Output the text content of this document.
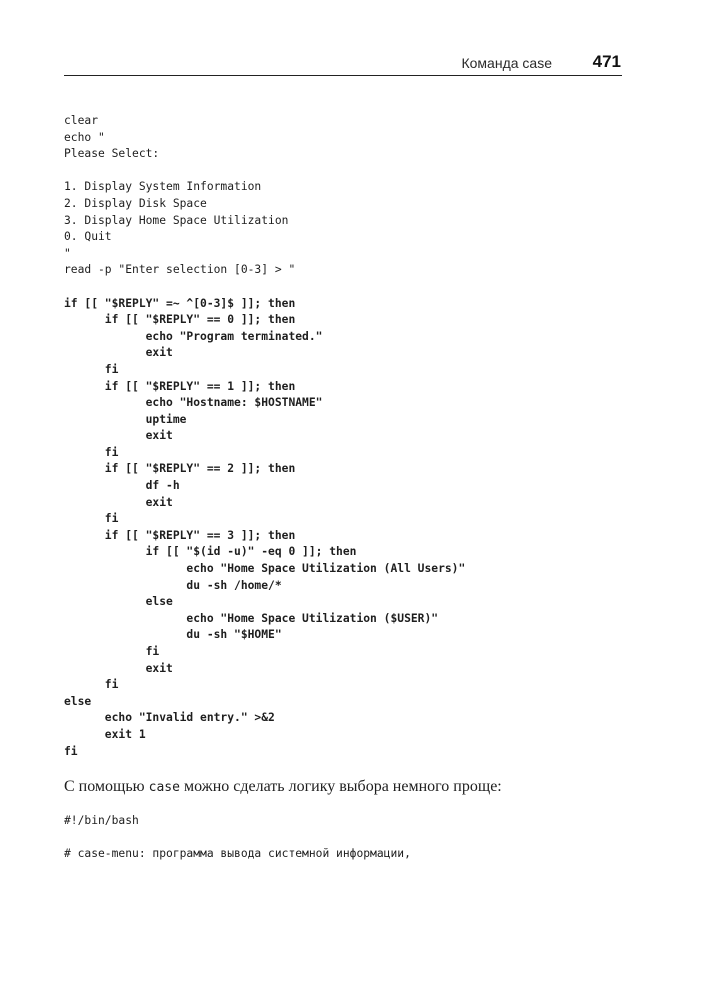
Команда case 471
clear
echo "
Please Select:
1. Display System Information
2. Display Disk Space
3. Display Home Space Utilization
0. Quit
"
read -p "Enter selection [0-3] > "
if [[ "$REPLY" =~ ^[0-3]$ ]]; then
if [[ "$REPLY" == 0 ]]; then
echo "Program terminated."
exit
fi
if [[ "$REPLY" == 1 ]]; then
echo "Hostname: $HOSTNAME"
uptime
exit
fi
if [[ "$REPLY" == 2 ]]; then
df -h
exit
fi
if [[ "$REPLY" == 3 ]]; then
if [[ "$(id -u)" -eq 0 ]]; then
echo "Home Space Utilization (All Users)"
du -sh /home/*
else
echo "Home Space Utilization ($USER)"
du -sh "$HOME"
fi
exit
fi
else
echo "Invalid entry." >&2
exit 1
fi
С помощью case можно сделать логику выбора немного проще:
#!/bin/bash
# case-menu: программа вывода системной информации,
